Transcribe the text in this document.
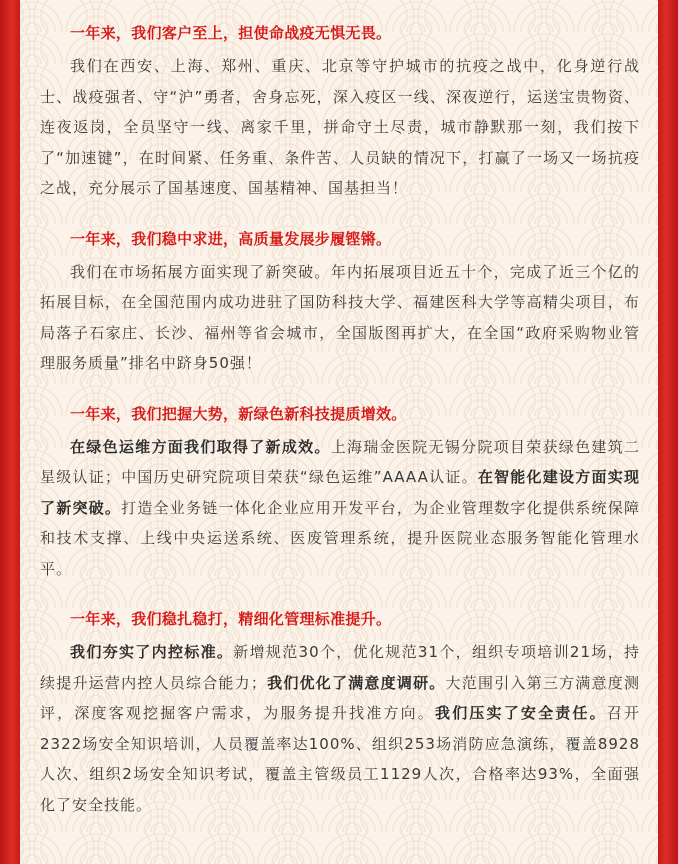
一年来，我们客户至上，担使命战疫无惧无畏。

我们在西安、上海、郑州、重庆、北京等守护城市的抗疫之战中，化身逆行战士、战疫强者、守“沪”勇者，舍身忘死，深入疫区一线、深夜逆行，运送宝贵物资、连夜返岗，全员坚守一线、离家千里，拼命守土尽责，城市静默那一刻，我们按下了“加速键”，在时间紧、任务重、条件苦、人员缺的情况下，打赢了一场又一场抗疫之战，充分展示了国基速度、国基精神、国基担当！

一年来，我们稳中求进，高质量发展步履铿锵。

我们在市场拓展方面实现了新突破。年内拓展项目近五十个，完成了近三个亿的拓展目标，在全国范围内成功进驻了国防科技大学、福建医科大学等高精尖项目，布局落子石家庄、长沙、福州等省会城市，全国版图再扩大，在全国“政府采购物业管理服务质量”排名中跻身50强！

一年来，我们把握大势，新绿色新科技提质增效。

在绿色运维方面我们取得了新成效。上海瑞金医院无锡分院项目荣获绿色建筑二星级认证；中国历史研究院项目荣获“绿色运维”AAAA认证。在智能化建设方面实现了新突破。打造全业务链一体化企业应用开发平台，为企业管理数字化提供系统保障和技术支撑、上线中央运送系统、医废管理系统，提升医院业态服务智能化管理水平。

一年来，我们稳扎稳打，精细化管理标准提升。

我们夯实了内控标准。新增规范30个，优化规范31个，组织专项培训21场，持续提升运营内控人员综合能力；我们优化了满意度调研。大范围引入第三方满意度测评，深度客观挖掘客户需求，为服务提升找准方向。我们压实了安全责任。召开2322场安全知识培训，人员覆盖率达100%、组织253场消防应急演练，覆盖8928人次、组织2场安全知识考试，覆盖主管级员工1129人次，合格率达93%，全面强化了安全技能。
